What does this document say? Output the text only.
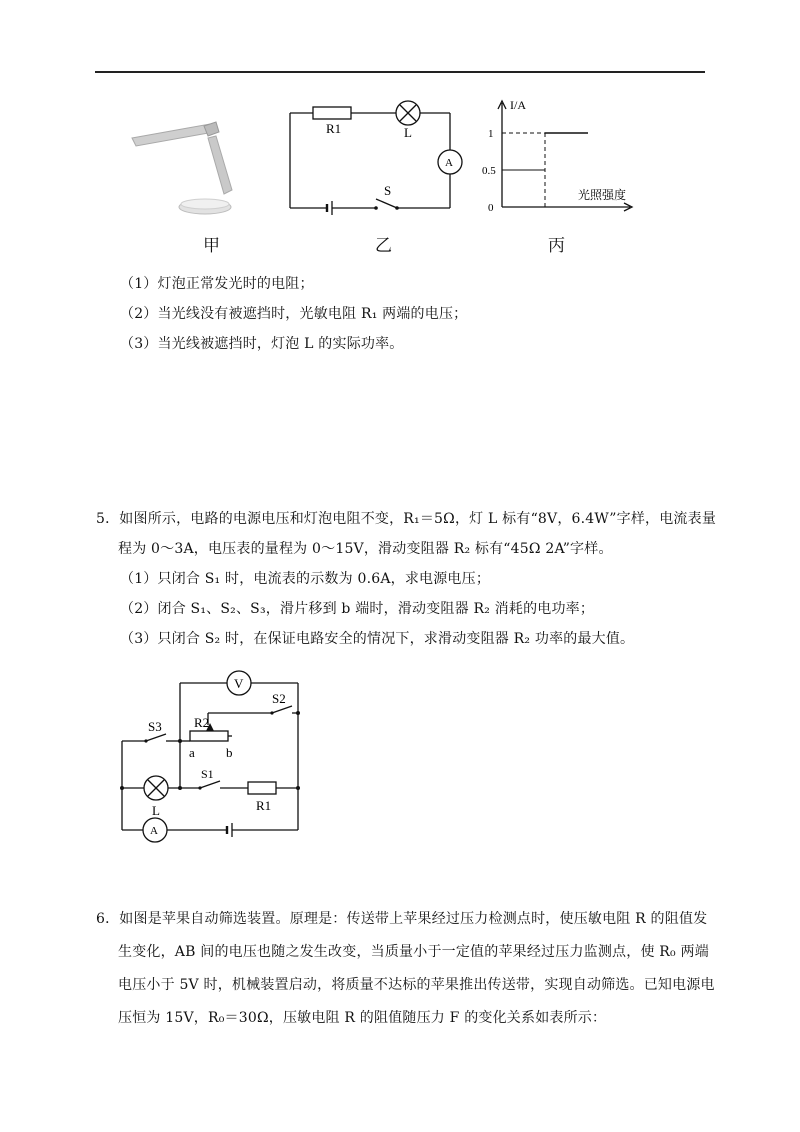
甲
R1	L
A
S
乙
I/A
光照强度
1
0.5
0
丙
（1）灯泡正常发光时的电阻；
（2）当光线没有被遮挡时，光敏电阻 R₁ 两端的电压；
（3）当光线被遮挡时，灯泡 L 的实际功率。
5．如图所示，电路的电源电压和灯泡电阻不变，R₁＝5Ω，灯 L 标有“8V，6.4W”字样，电流表量
程为 0～3A，电压表的量程为 0～15V，滑动变阻器 R₂ 标有“45Ω 2A”字样。
（1）只闭合 S₁ 时，电流表的示数为 0.6A，求电源电压；
（2）闭合 S₁、S₂、S₃，滑片移到 b 端时，滑动变阻器 R₂ 消耗的电功率；
（3）只闭合 S₂ 时，在保证电路安全的情况下，求滑动变阻器 R₂ 功率的最大值。
V
S2
S3 R2
a b
S1
L	R1
A
6．如图是苹果自动筛选装置。原理是：传送带上苹果经过压力检测点时，使压敏电阻 R 的阻值发
生变化，AB 间的电压也随之发生改变，当质量小于一定值的苹果经过压力监测点，使 R₀ 两端
电压小于 5V 时，机械装置启动，将质量不达标的苹果推出传送带，实现自动筛选。已知电源电
压恒为 15V，R₀＝30Ω，压敏电阻 R 的阻值随压力 F 的变化关系如表所示：
